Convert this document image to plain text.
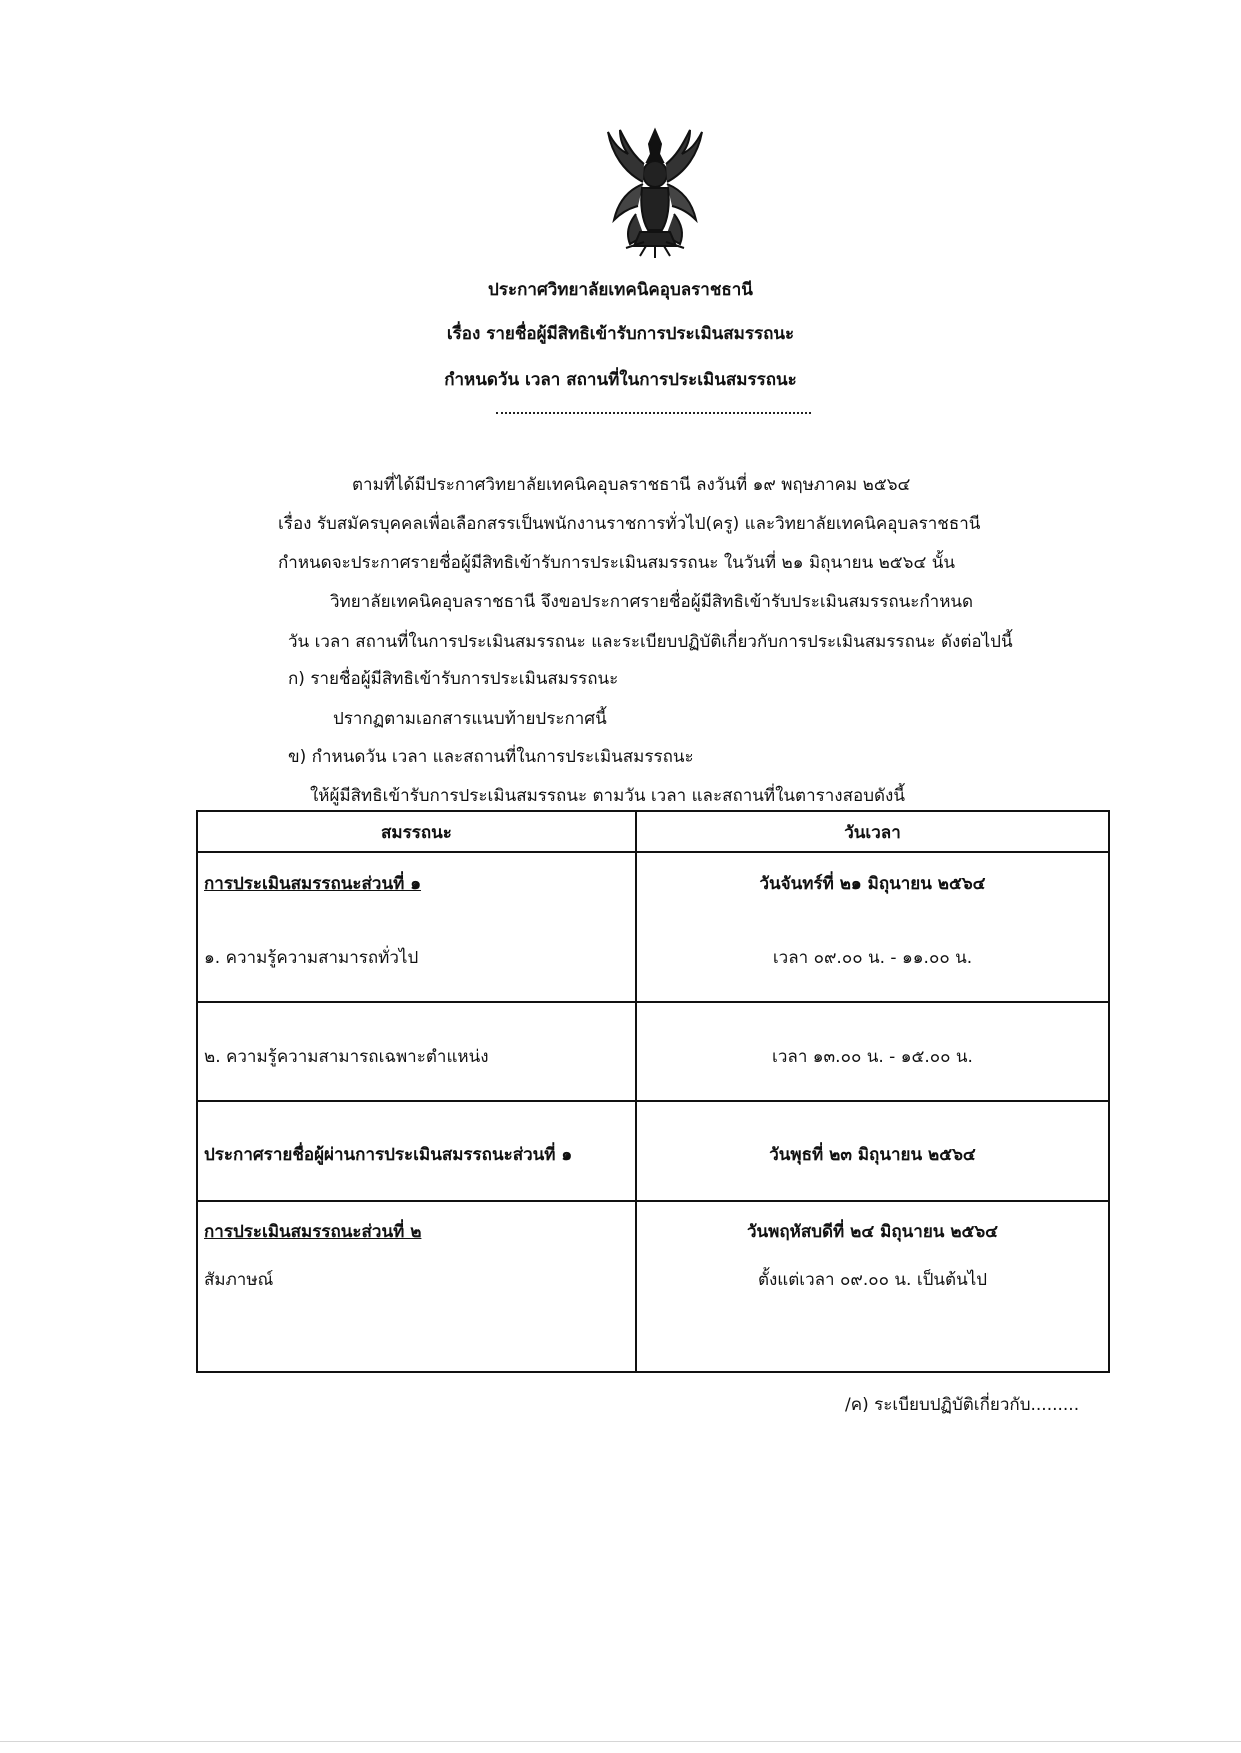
ประกาศวิทยาลัยเทคนิคอุบลราชธานี
เรื่อง รายชื่อผู้มีสิทธิเข้ารับการประเมินสมรรถนะ
กำหนดวัน เวลา สถานที่ในการประเมินสมรรถนะ
ตามที่ได้มีประกาศวิทยาลัยเทคนิคอุบลราชธานี ลงวันที่ ๑๙ พฤษภาคม ๒๕๖๔
เรื่อง รับสมัครบุคคลเพื่อเลือกสรรเป็นพนักงานราชการทั่วไป(ครู) และวิทยาลัยเทคนิคอุบลราชธานี
กำหนดจะประกาศรายชื่อผู้มีสิทธิเข้ารับการประเมินสมรรถนะ ในวันที่ ๒๑ มิถุนายน ๒๕๖๔ นั้น
วิทยาลัยเทคนิคอุบลราชธานี จึงขอประกาศรายชื่อผู้มีสิทธิเข้ารับประเมินสมรรถนะกำหนด
วัน เวลา สถานที่ในการประเมินสมรรถนะ และระเบียบปฏิบัติเกี่ยวกับการประเมินสมรรถนะ ดังต่อไปนี้
ก) รายชื่อผู้มีสิทธิเข้ารับการประเมินสมรรถนะ
ปรากฏตามเอกสารแนบท้ายประกาศนี้
ข) กำหนดวัน เวลา และสถานที่ในการประเมินสมรรถนะ
ให้ผู้มีสิทธิเข้ารับการประเมินสมรรถนะ ตามวัน เวลา และสถานที่ในตารางสอบดังนี้
สมรรถนะ	วันเวลา
การประเมินสมรรถนะส่วนที่ ๑	วันจันทร์ที่ ๒๑ มิถุนายน ๒๕๖๔
๑. ความรู้ความสามารถทั่วไป	เวลา ๐๙.๐๐ น. - ๑๑.๐๐ น.
๒. ความรู้ความสามารถเฉพาะตำแหน่ง	เวลา ๑๓.๐๐ น. - ๑๕.๐๐ น.
ประกาศรายชื่อผู้ผ่านการประเมินสมรรถนะส่วนที่ ๑	วันพุธที่ ๒๓ มิถุนายน ๒๕๖๔
การประเมินสมรรถนะส่วนที่ ๒	วันพฤหัสบดีที่ ๒๔ มิถุนายน ๒๕๖๔
สัมภาษณ์	ตั้งแต่เวลา ๐๙.๐๐ น. เป็นต้นไป
/ค) ระเบียบปฏิบัติเกี่ยวกับ.........
